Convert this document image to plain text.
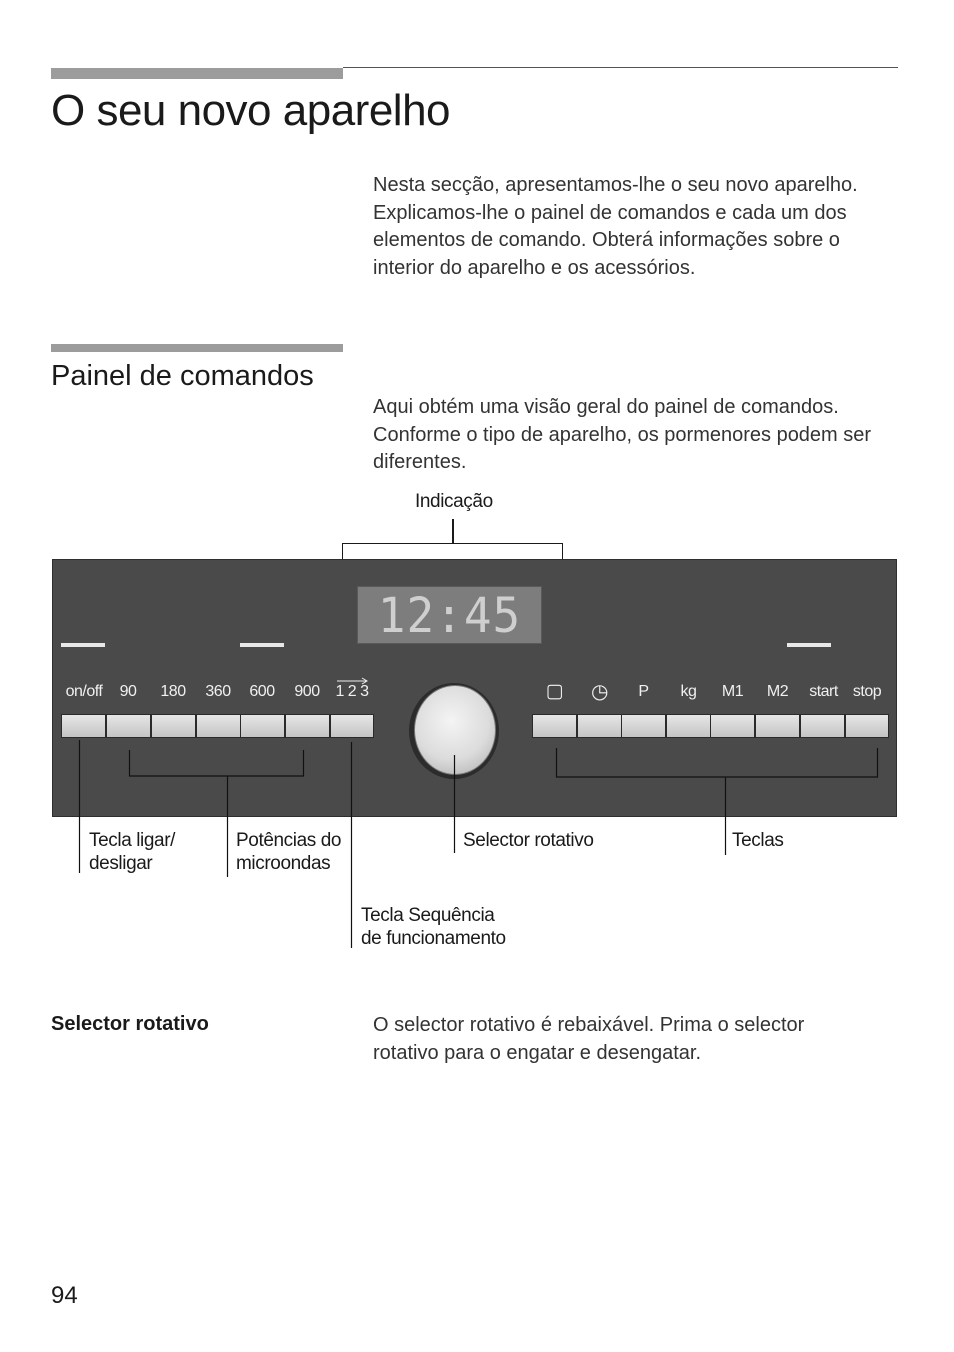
O seu novo aparelho
Nesta secção, apresentamos-lhe o seu novo aparelho. Explicamos-lhe o painel de comandos e cada um dos elementos de comando. Obterá informações sobre o interior do aparelho e os acessórios.
Painel de comandos
Aqui obtém uma visão geral do painel de comandos. Conforme o tipo de aparelho, os pormenores podem ser diferentes.
Indicação
12:45
on/off	90	180	360	600	900 1 2 3	▢	◷	P	kg	M1	M2	start stop
Tecla ligar/
desligar
Potências do
microondas
Tecla Sequência
de funcionamento
Selector rotativo	Teclas
Selector rotativo	O selector rotativo é rebaixável. Prima o selector rotativo para o engatar e desengatar.
94
